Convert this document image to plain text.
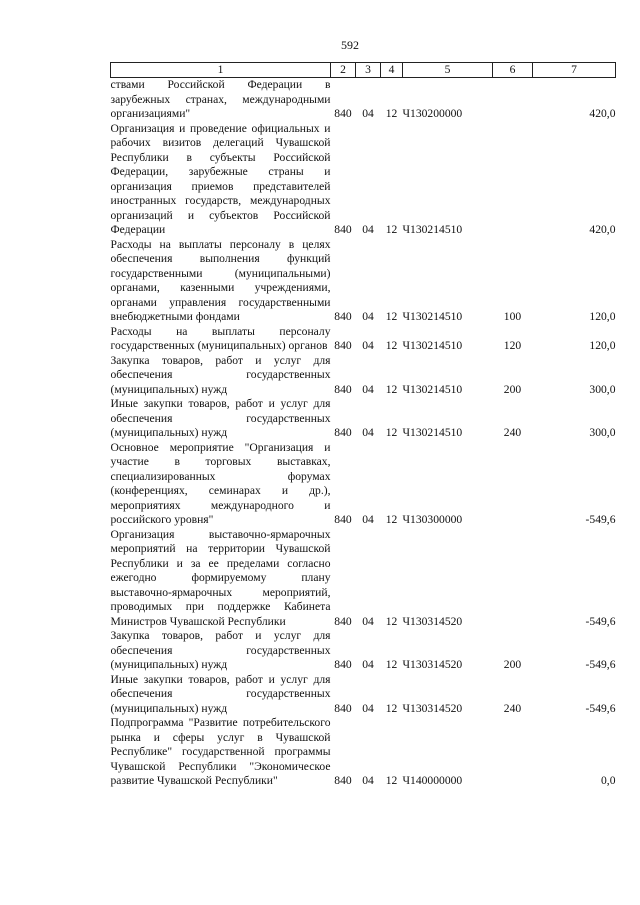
592
1	2	3	4	5	6	7
ствами Российской Федерации в зарубежных странах, международными организациями"	840	04	12	Ч130200000		420,0
Организация и проведение официальных и рабочих визитов делегаций Чувашской Республики в субъекты Российской Федерации, зарубежные страны и организация приемов представителей иностранных государств, международных организаций и субъектов Российской Федерации	840	04	12	Ч130214510		420,0
Расходы на выплаты персоналу в целях обеспечения выполнения функций государственными (муниципальными) органами, казенными учреждениями, органами управления государственными внебюджетными фондами	840	04	12	Ч130214510	100	120,0
Расходы на выплаты персоналу государственных (муниципальных) органов	840	04	12	Ч130214510	120	120,0
Закупка товаров, работ и услуг для обеспечения государственных (муниципальных) нужд	840	04	12	Ч130214510	200	300,0
Иные закупки товаров, работ и услуг для обеспечения государственных (муниципальных) нужд	840	04	12	Ч130214510	240	300,0
Основное мероприятие "Организация и участие в торговых выставках, специализированных форумах (конференциях, семинарах и др.), мероприятиях международного и российского уровня"	840	04	12	Ч130300000		-549,6
Организация выставочно-ярмарочных мероприятий на территории Чувашской Республики и за ее пределами согласно ежегодно формируемому плану выставочно-ярмарочных мероприятий, проводимых при поддержке Кабинета Министров Чувашской Республики	840	04	12	Ч130314520		-549,6
Закупка товаров, работ и услуг для обеспечения государственных (муниципальных) нужд	840	04	12	Ч130314520	200	-549,6
Иные закупки товаров, работ и услуг для обеспечения государственных (муниципальных) нужд	840	04	12	Ч130314520	240	-549,6
Подпрограмма "Развитие потребительского рынка и сферы услуг в Чувашской Республике" государственной программы Чувашской Республики "Экономическое развитие Чувашской Республики"	840	04	12	Ч140000000		0,0
